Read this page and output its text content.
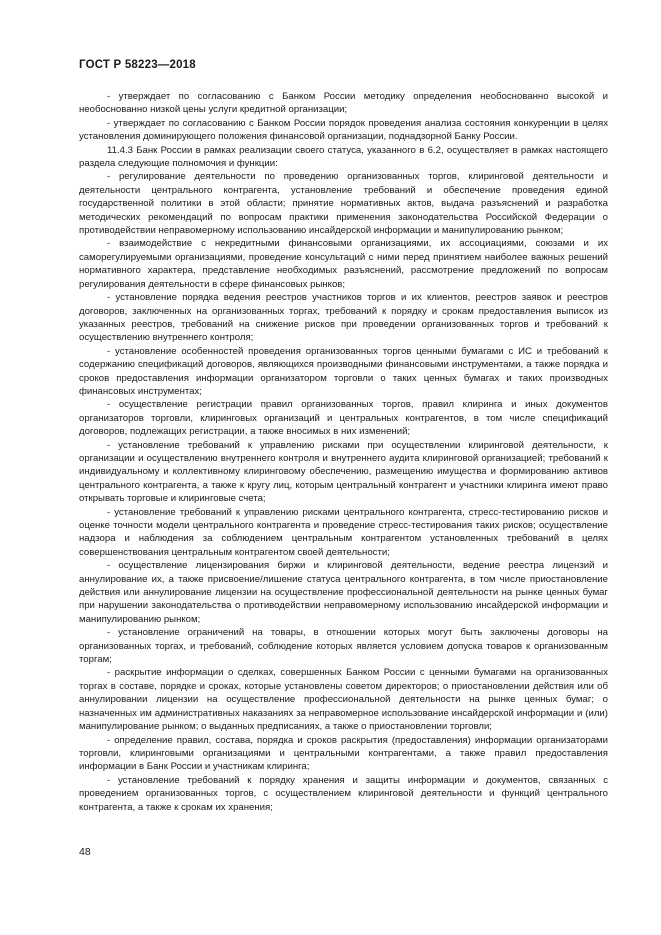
ГОСТ Р 58223—2018

- утверждает по согласованию с Банком России методику определения необоснованно высокой и необоснованно низкой цены услуги кредитной организации;

- утверждает по согласованию с Банком России порядок проведения анализа состояния конкуренции в целях установления доминирующего положения финансовой организации, поднадзорной Банку России.

11.4.3 Банк России в рамках реализации своего статуса, указанного в 6.2, осуществляет в рамках настоящего раздела следующие полномочия и функции:

- регулирование деятельности по проведению организованных торгов, клиринговой деятельности и деятельности центрального контрагента, установление требований и обеспечение проведения единой государственной политики в этой области; принятие нормативных актов, выдача разъяснений и разработка методических рекомендаций по вопросам практики применения законодательства Российской Федерации о противодействии неправомерному использованию инсайдерской информации и манипулированию рынком;

- взаимодействие с некредитными финансовыми организациями, их ассоциациями, союзами и их саморегулируемыми организациями, проведение консультаций с ними перед принятием наиболее важных решений нормативного характера, представление необходимых разъяснений, рассмотрение предложений по вопросам регулирования деятельности в сфере финансовых рынков;

- установление порядка ведения реестров участников торгов и их клиентов, реестров заявок и реестров договоров, заключенных на организованных торгах, требований к порядку и срокам предоставления выписок из указанных реестров, требований на снижение рисков при проведении организованных торгов и требований к осуществлению внутреннего контроля;

- установление особенностей проведения организованных торгов ценными бумагами с ИС и требований к содержанию спецификаций договоров, являющихся производными финансовыми инструментами, а также порядка и сроков предоставления информации организатором торговли о таких ценных бумагах и таких производных финансовых инструментах;

- осуществление регистрации правил организованных торгов, правил клиринга и иных документов организаторов торговли, клиринговых организаций и центральных контрагентов, в том числе спецификаций договоров, подлежащих регистрации, а также вносимых в них изменений;

- установление требований к управлению рисками при осуществлении клиринговой деятельности, к организации и осуществлению внутреннего контроля и внутреннего аудита клиринговой организацией; требований к индивидуальному и коллективному клиринговому обеспечению, размещению имущества и формированию активов центрального контрагента, а также к кругу лиц, которым центральный контрагент и участники клиринга имеют право открывать торговые и клиринговые счета;

- установление требований к управлению рисками центрального контрагента, стресс-тестированию рисков и оценке точности модели центрального контрагента и проведение стресс-тестирования таких рисков; осуществление надзора и наблюдения за соблюдением центральным контрагентом установленных требований в целях совершенствования центральным контрагентом своей деятельности;

- осуществление лицензирования биржи и клиринговой деятельности, ведение реестра лицензий и аннулирование их, а также присвоение/лишение статуса центрального контрагента, в том числе приостановление действия или аннулирование лицензии на осуществление профессиональной деятельности на рынке ценных бумаг при нарушении законодательства о противодействии неправомерному использованию инсайдерской информации и манипулированию рынком;

- установление ограничений на товары, в отношении которых могут быть заключены договоры на организованных торгах, и требований, соблюдение которых является условием допуска товаров к организованным торгам;

- раскрытие информации о сделках, совершенных Банком России с ценными бумагами на организованных торгах в составе, порядке и сроках, которые установлены советом директоров; о приостановлении действия или об аннулировании лицензии на осуществление профессиональной деятельности на рынке ценных бумаг; о назначенных им административных наказаниях за неправомерное использование инсайдерской информации и (или) манипулирование рынком; о выданных предписаниях, а также о приостановлении торговли;

- определение правил, состава, порядка и сроков раскрытия (предоставления) информации организаторами торговли, клиринговыми организациями и центральными контрагентами, а также правил предоставления информации в Банк России и участникам клиринга;

- установление требований к порядку хранения и защиты информации и документов, связанных с проведением организованных торгов, с осуществлением клиринговой деятельности и функций центрального контрагента, а также к срокам их хранения;

48
